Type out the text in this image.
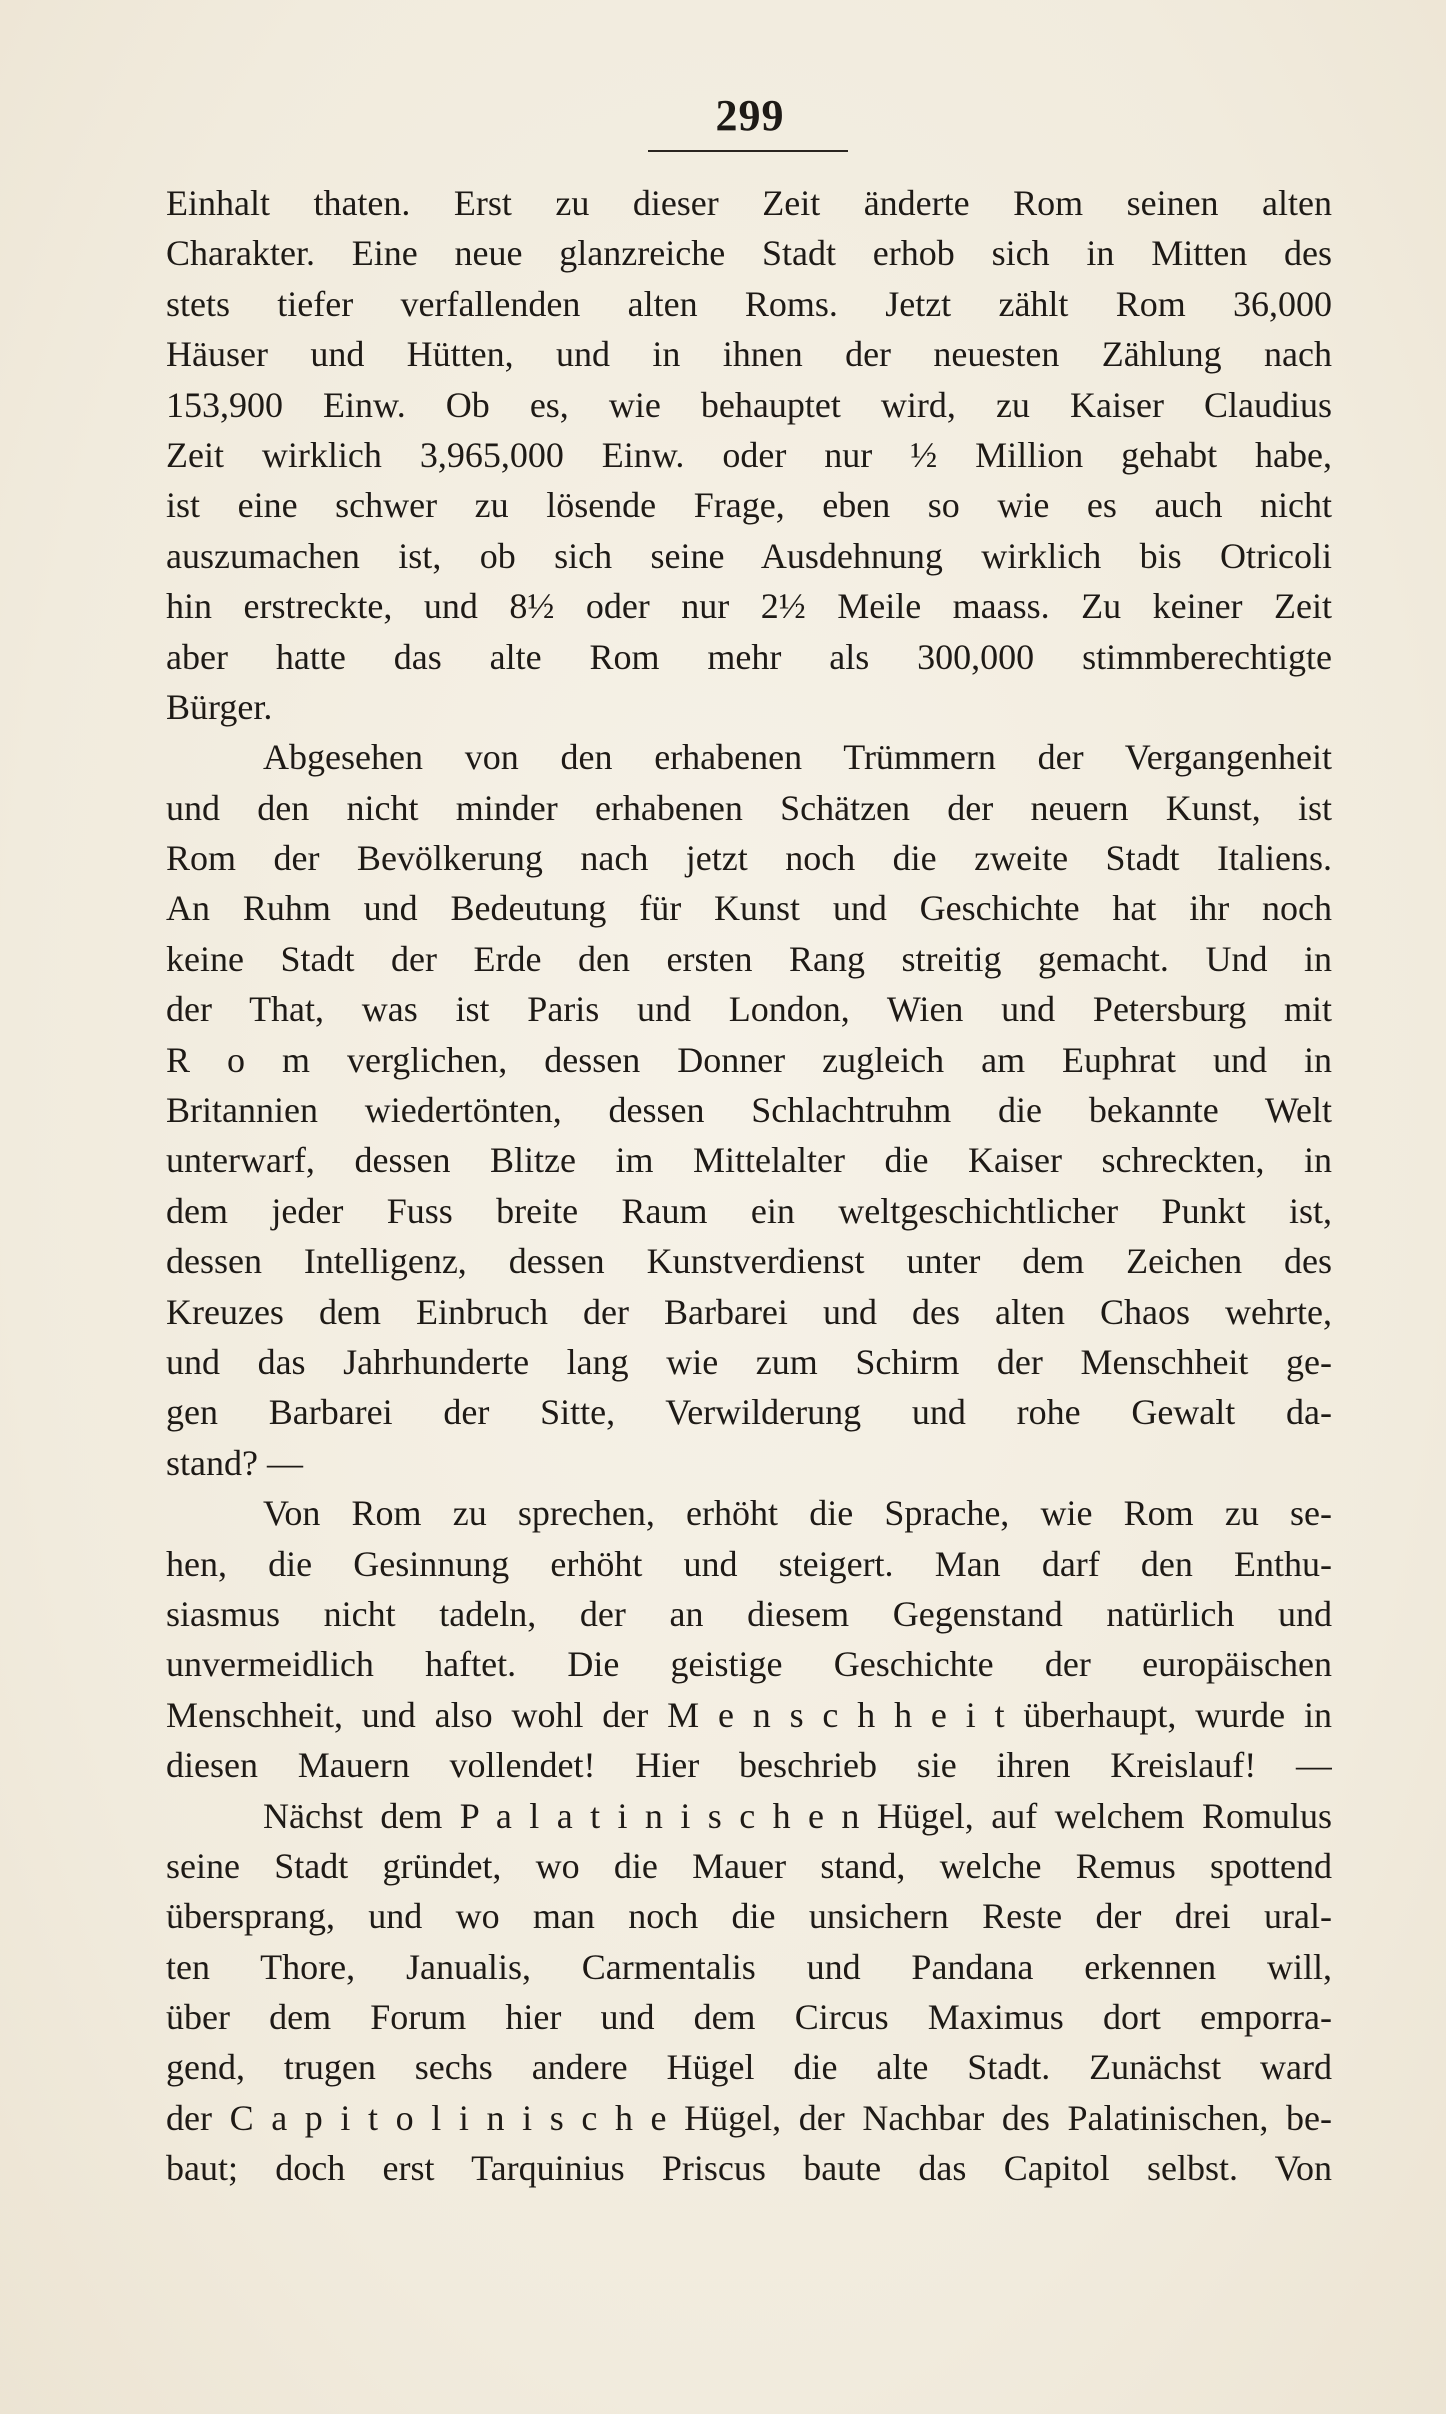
299
Einhalt thaten. Erst zu dieser Zeit änderte Rom seinen alten
Charakter. Eine neue glanzreiche Stadt erhob sich in Mitten des
stets tiefer verfallenden alten Roms. Jetzt zählt Rom 36,000
Häuser und Hütten, und in ihnen der neuesten Zählung nach
153,900 Einw. Ob es, wie behauptet wird, zu Kaiser Claudius
Zeit wirklich 3,965,000 Einw. oder nur ½ Million gehabt habe,
ist eine schwer zu lösende Frage, eben so wie es auch nicht
auszumachen ist, ob sich seine Ausdehnung wirklich bis Otricoli
hin erstreckte, und 8½ oder nur 2½ Meile maass. Zu keiner Zeit
aber hatte das alte Rom mehr als 300,000 stimmberechtigte
Bürger.
Abgesehen von den erhabenen Trümmern der Vergangenheit
und den nicht minder erhabenen Schätzen der neuern Kunst, ist
Rom der Bevölkerung nach jetzt noch die zweite Stadt Italiens.
An Ruhm und Bedeutung für Kunst und Geschichte hat ihr noch
keine Stadt der Erde den ersten Rang streitig gemacht. Und in
der That, was ist Paris und London, Wien und Petersburg mit
R o m verglichen, dessen Donner zugleich am Euphrat und in
Britannien wiedertönten, dessen Schlachtruhm die bekannte Welt
unterwarf, dessen Blitze im Mittelalter die Kaiser schreckten, in
dem jeder Fuss breite Raum ein weltgeschichtlicher Punkt ist,
dessen Intelligenz, dessen Kunstverdienst unter dem Zeichen des
Kreuzes dem Einbruch der Barbarei und des alten Chaos wehrte,
und das Jahrhunderte lang wie zum Schirm der Menschheit ge-
gen Barbarei der Sitte, Verwilderung und rohe Gewalt da-
stand? —
Von Rom zu sprechen, erhöht die Sprache, wie Rom zu se-
hen, die Gesinnung erhöht und steigert. Man darf den Enthu-
siasmus nicht tadeln, der an diesem Gegenstand natürlich und
unvermeidlich haftet. Die geistige Geschichte der europäischen
Menschheit, und also wohl der M e n s c h h e i t überhaupt, wurde in
diesen Mauern vollendet! Hier beschrieb sie ihren Kreislauf! —
Nächst dem P a l a t i n i s c h e n Hügel, auf welchem Romulus
seine Stadt gründet, wo die Mauer stand, welche Remus spottend
übersprang, und wo man noch die unsichern Reste der drei ural-
ten Thore, Janualis, Carmentalis und Pandana erkennen will,
über dem Forum hier und dem Circus Maximus dort emporra-
gend, trugen sechs andere Hügel die alte Stadt. Zunächst ward
der C a p i t o l i n i s c h e Hügel, der Nachbar des Palatinischen, be-
baut; doch erst Tarquinius Priscus baute das Capitol selbst. Von
